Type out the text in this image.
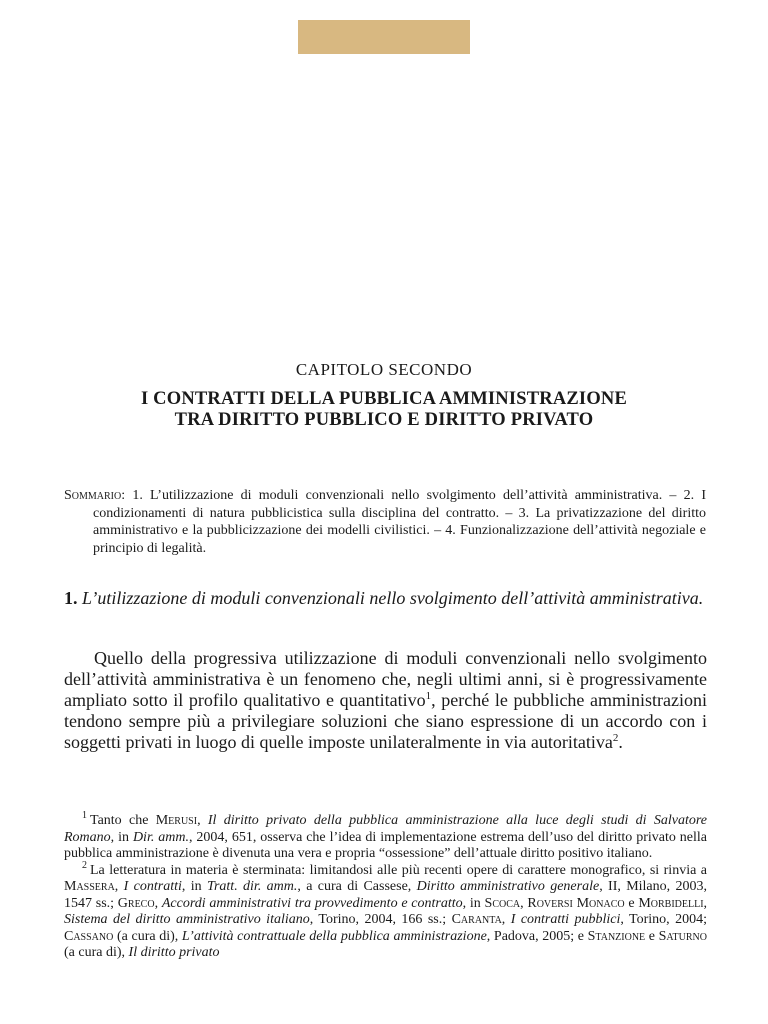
CAPITOLO SECONDO
I CONTRATTI DELLA PUBBLICA AMMINISTRAZIONE
TRA DIRITTO PUBBLICO E DIRITTO PRIVATO

Sommario: 1. L’utilizzazione di moduli convenzionali nello svolgimento dell’attività amministrativa. – 2. I condizionamenti di natura pubblicistica sulla disciplina del contratto. – 3. La privatizzazione del diritto amministrativo e la pubblicizzazione dei modelli civilistici. – 4. Funzionalizzazione dell’attività negoziale e principio di legalità.

1. L’utilizzazione di moduli convenzionali nello svolgimento dell’attività amministrativa.

Quello della progressiva utilizzazione di moduli convenzionali nello svolgimento dell’attività amministrativa è un fenomeno che, negli ultimi anni, si è progressivamente ampliato sotto il profilo qualitativo e quantitativo$^1$, perché le pubbliche amministrazioni tendono sempre più a privilegiare soluzioni che siano espressione di un accordo con i soggetti privati in luogo di quelle imposte unilateralmente in via autoritativa$^2$.

$^1$ Tanto che Merusi, Il diritto privato della pubblica amministrazione alla luce degli studi di Salvatore Romano, in Dir. amm., 2004, 651, osserva che l’idea di implementazione estrema dell’uso del diritto privato nella pubblica amministrazione è divenuta una vera e propria “ossessione” dell’attuale diritto positivo italiano.

$^2$ La letteratura in materia è sterminata: limitandosi alle più recenti opere di carattere monografico, si rinvia a Massera, I contratti, in Tratt. dir. amm., a cura di Cassese, Diritto amministrativo generale, II, Milano, 2003, 1547 ss.; Greco, Accordi amministrativi tra provvedimento e contratto, in Scoca, Roversi Monaco e Morbidelli, Sistema del diritto amministrativo italiano, Torino, 2004, 166 ss.; Caranta, I contratti pubblici, Torino, 2004; Cassano (a cura di), L’attività contrattuale della pubblica amministrazione, Padova, 2005; e Stanzione e Saturno (a cura di), Il diritto privato
